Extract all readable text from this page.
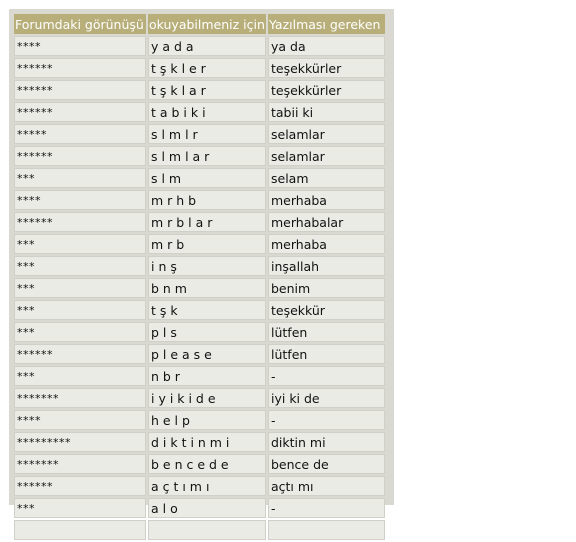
Forumdaki görünüşü	okuyabilmeniz için	Yazılması gereken
****	y a d a	ya da
******	t ş k l e r	teşekkürler
******	t ş k l a r	teşekkürler
******	t a b i k i	tabii ki
*****	s l m l r	selamlar
******	s l m l a r	selamlar
***	s l m	selam
****	m r h b	merhaba
******	m r b l a r	merhabalar
***	m r b	merhaba
***	i n ş	inşallah
***	b n m	benim
***	t ş k	teşekkür
***	p l s	lütfen
******	p l e a s e	lütfen
***	n b r	-
*******	i y i k i d e	iyi ki de
****	h e l p	-
*********	d i k t i n m i	diktin mi
*******	b e n c e d e	bence de
******	a ç t ı m ı	açtı mı
***	a l o	-
